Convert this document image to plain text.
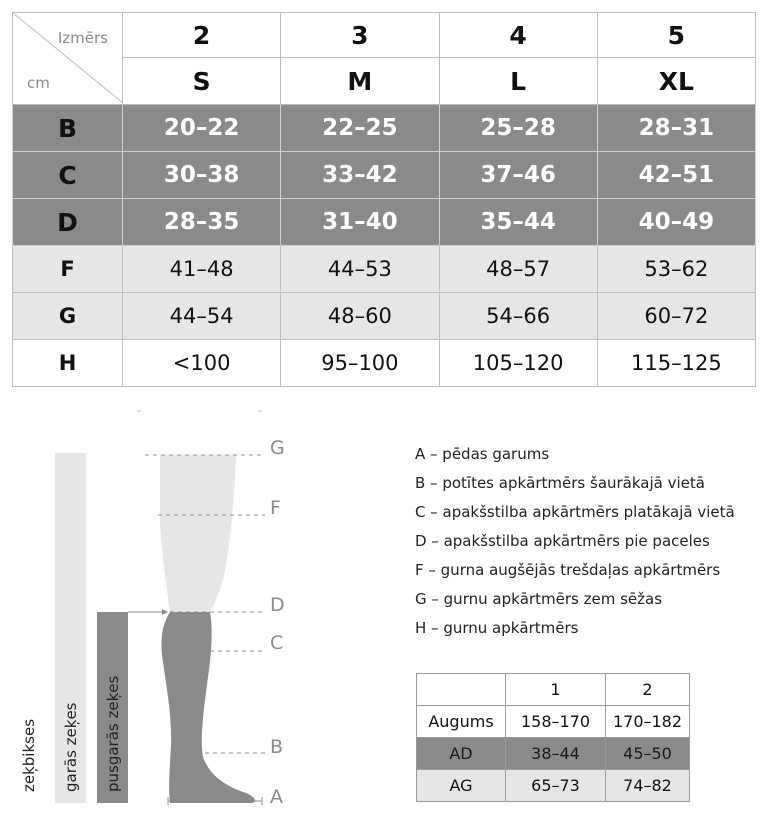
Izmērs
cm	2	3	4	5
	S	M	L	XL
B	20–22	22–25	25–28	28–31
C	30–38	33–42	37–46	42–51
D	28–35	31–40	35–44	40–49
F	41–48	44–53	48–57	53–62
G	44–54	48–60	54–66	60–72
H	<100	95–100	105–120	115–125
G
F
D
C
B
A
zeķbikses garās zeķes pusgarās zeķes
A – pēdas garums
B – potītes apkārtmērs šaurākajā vietā
C – apakšstilba apkārtmērs platākajā vietā
D – apakšstilba apkārtmērs pie paceles
F – gurna augšējās trešdaļas apkārtmērs
G – gurnu apkārtmērs zem sēžas
H – gurnu apkārtmērs
	1	2
Augums	158–170	170–182
AD	38–44	45–50
AG	65–73	74–82
